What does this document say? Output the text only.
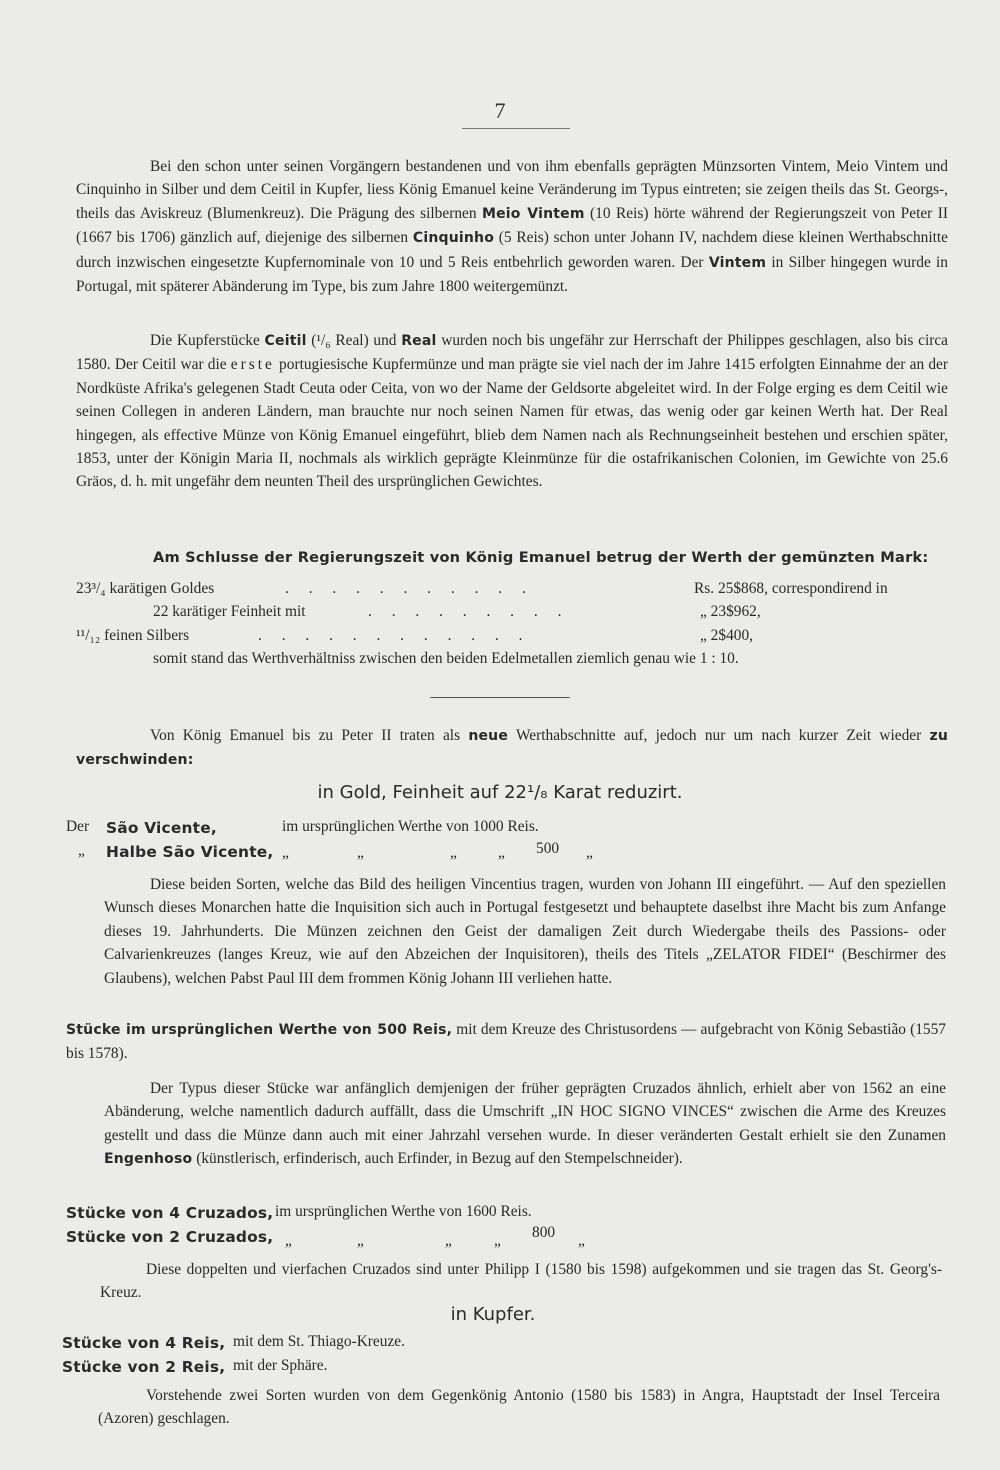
7

Bei den schon unter seinen Vorgängern bestandenen und von ihm ebenfalls geprägten Münzsorten Vintem, Meio Vintem und Cinquinho in Silber und dem Ceitil in Kupfer, liess König Emanuel keine Veränderung im Typus eintreten; sie zeigen theils das St. Georgs-, theils das Aviskreuz (Blumenkreuz). Die Prägung des silbernen Meio Vintem (10 Reis) hörte während der Regierungszeit von Peter II (1667 bis 1706) gänzlich auf, diejenige des silbernen Cinquinho (5 Reis) schon unter Johann IV, nachdem diese kleinen Werthabschnitte durch inzwischen eingesetzte Kupfernominale von 10 und 5 Reis entbehrlich geworden waren. Der Vintem in Silber hingegen wurde in Portugal, mit späterer Abänderung im Type, bis zum Jahre 1800 weitergemünzt.

Die Kupferstücke Ceitil (¹/₆ Real) und Real wurden noch bis ungefähr zur Herrschaft der Philippes geschlagen, also bis circa 1580. Der Ceitil war die erste portugiesische Kupfermünze und man prägte sie viel nach der im Jahre 1415 erfolgten Einnahme der an der Nordküste Afrika's gelegenen Stadt Ceuta oder Ceita, von wo der Name der Geldsorte abgeleitet wird. In der Folge erging es dem Ceitil wie seinen Collegen in anderen Ländern, man brauchte nur noch seinen Namen für etwas, das wenig oder gar keinen Werth hat. Der Real hingegen, als effective Münze von König Emanuel eingeführt, blieb dem Namen nach als Rechnungseinheit bestehen und erschien später, 1853, unter der Königin Maria II, nochmals als wirklich geprägte Kleinmünze für die ostafrikanischen Colonien, im Gewichte von 25.6 Gräos, d. h. mit ungefähr dem neunten Theil des ursprünglichen Gewichtes.

Am Schlusse der Regierungszeit von König Emanuel betrug der Werth der gemünzten Mark:
23³/₄ karätigen Goldes	. . . . . . . . . . .	Rs. 25$868, correspondirend in
22 karätiger Feinheit mit	. . . . . . . . .	„ 23$962,
¹¹/₁₂ feinen Silbers	. . . . . . . . . . . .	„ 2$400,
somit stand das Werthverhältniss zwischen den beiden Edelmetallen ziemlich genau wie 1 : 10.

Von König Emanuel bis zu Peter II traten als neue Werthabschnitte auf, jedoch nur um nach kurzer Zeit wieder zu verschwinden:

in Gold, Feinheit auf 22¹/₈ Karat reduzirt.
Der São Vicente,	im ursprünglichen Werthe von 1000 Reis.
„ Halbe São Vicente, „	„	„	„ 500 „

Diese beiden Sorten, welche das Bild des heiligen Vincentius tragen, wurden von Johann III eingeführt. — Auf den speziellen Wunsch dieses Monarchen hatte die Inquisition sich auch in Portugal festgesetzt und behauptete daselbst ihre Macht bis zum Anfange dieses 19. Jahrhunderts. Die Münzen zeichnen den Geist der damaligen Zeit durch Wiedergabe theils des Passions- oder Calvarienkreuzes (langes Kreuz, wie auf den Abzeichen der Inquisitoren), theils des Titels „ZELATOR FIDEI“ (Beschirmer des Glaubens), welchen Pabst Paul III dem frommen König Johann III verliehen hatte.

Stücke im ursprünglichen Werthe von 500 Reis, mit dem Kreuze des Christusordens — aufgebracht von König Sebastião (1557 bis 1578).

Der Typus dieser Stücke war anfänglich demjenigen der früher geprägten Cruzados ähnlich, erhielt aber von 1562 an eine Abänderung, welche namentlich dadurch auffällt, dass die Umschrift „IN HOC SIGNO VINCES“ zwischen die Arme des Kreuzes gestellt und dass die Münze dann auch mit einer Jahrzahl versehen wurde. In dieser veränderten Gestalt erhielt sie den Zunamen Engenhoso (künstlerisch, erfinderisch, auch Erfinder, in Bezug auf den Stempelschneider).

Stücke von 4 Cruzados, im ursprünglichen Werthe von 1600 Reis.
Stücke von 2 Cruzados, „	„	„	„ 800 „

Diese doppelten und vierfachen Cruzados sind unter Philipp I (1580 bis 1598) aufgekommen und sie tragen das St. Georg's-Kreuz.

in Kupfer.
Stücke von 4 Reis, mit dem St. Thiago-Kreuze.
Stücke von 2 Reis, mit der Sphäre.

Vorstehende zwei Sorten wurden von dem Gegenkönig Antonio (1580 bis 1583) in Angra, Hauptstadt der Insel Terceira (Azoren) geschlagen.
